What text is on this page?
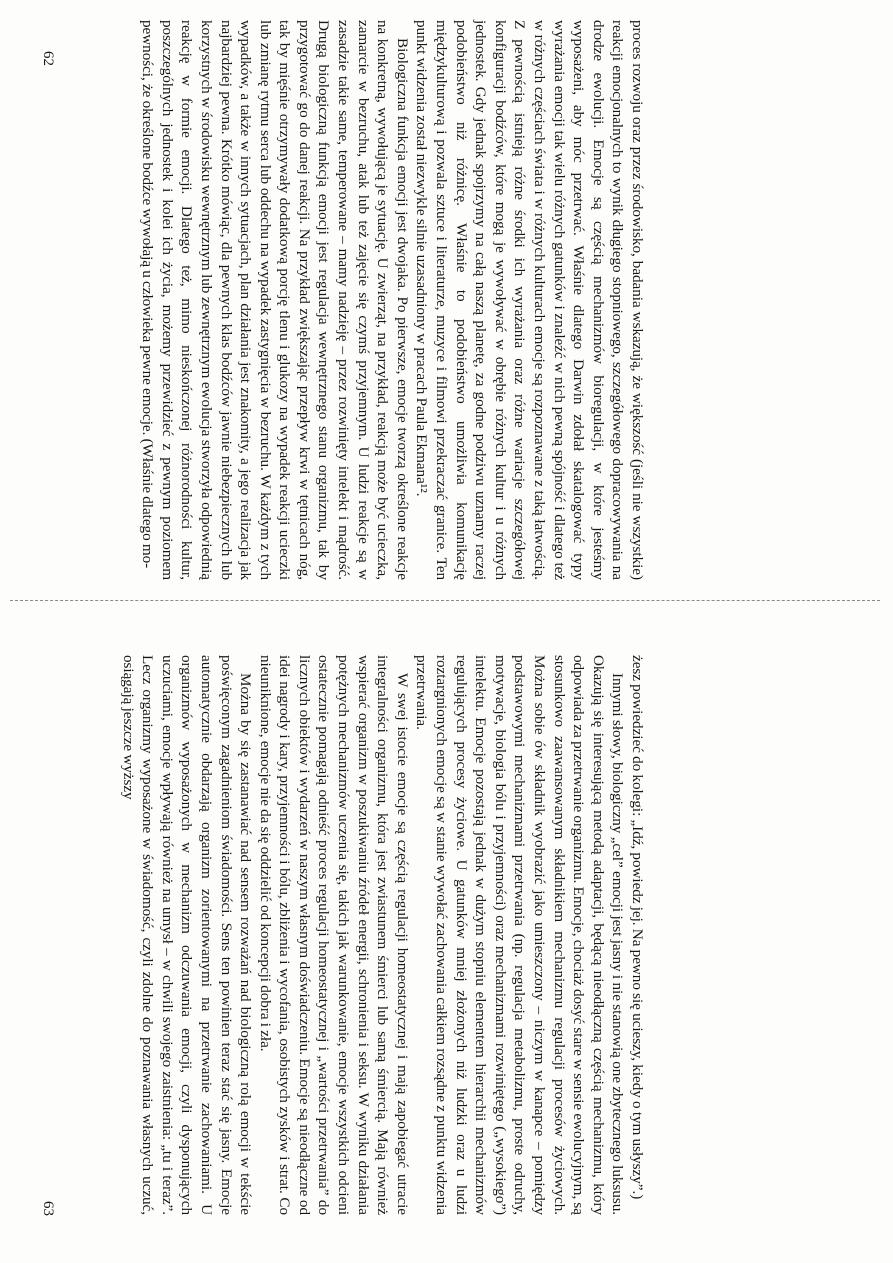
proces rozwoju oraz przez środowisko, badania wskazują, że większość (jeśli nie wszystkie) reakcji emocjonalnych to wynik długiego stopniowego, szczegółowego dopracowywania na drodze ewolucji. Emocje są częścią mechanizmów bioregulacji, w które jesteśmy wyposażeni, aby móc przetrwać. Właśnie dlatego Darwin zdołał skatalogować typy wyrażania emocji tak wielu różnych gatunków i znaleźć w nich pewną spójność i dlatego też w różnych częściach świata i w różnych kulturach emocje są rozpoznawane z taką łatwością. Z pewnością istnieją różne środki ich wyrażania oraz różne wariacje szczegółowej konfiguracji bodźców, które mogą je wywoływać w obrębie różnych kultur i u różnych jednostek. Gdy jednak spojrzymy na całą naszą planetę, za godne podziwu uznamy raczej podobieństwo niż różnicę. Właśnie to podobieństwo umożliwia komunikację międzykulturową i pozwala sztuce i literaturze, muzyce i filmowi przekraczać granice. Ten punkt widzenia został niezwykle silnie uzasadniony w pracach Paula Ekmana¹².

Biologiczna funkcja emocji jest dwojaka. Po pierwsze, emocje tworzą określone reakcje na konkretną, wywołującą je sytuację. U zwierząt, na przykład, reakcją może być ucieczka, zamarcie w bezruchu, atak lub też zajęcie się czymś przyjemnym. U ludzi reakcje są w zasadzie takie same, temperowane – mamy nadzieję – przez rozwinięty intelekt i mądrość. Drugą biologiczną funkcją emocji jest regulacja wewnętrznego stanu organizmu, tak by przygotować go do danej reakcji. Na przykład zwiększając przepływ krwi w tętnicach nóg, tak by mięśnie otrzymywały dodatkową porcję tlenu i glukozy na wypadek reakcji ucieczki lub zmianę rytmu serca lub oddechu na wypadek zastygnięcia w bezruchu. W każdym z tych wypadków, a także w innych sytuacjach, plan działania jest znakomity, a jego realizacja jak najbardziej pewna. Krótko mówiąc, dla pewnych klas bodźców jawnie niebezpiecznych lub korzystnych w środowisku wewnętrznym lub zewnętrznym ewolucja stworzyła odpowiednią reakcję w formie emocji. Dlatego też, mimo nieskończonej różnorodności kultur, poszczególnych jednostek i kolei ich życia, możemy przewidzieć z pewnym poziomem pewności, że określone bodźce wywołają u człowieka pewne emocje. (Właśnie dlatego mo-

żesz powiedzieć do kolegi: „Idź, powiedz jej. Na pewno się ucieszy, kiedy o tym usłyszy”.)

Innymi słowy, biologiczny „cel” emocji jest jasny i nie stanowią one zbytecznego luksusu. Okazują się interesującą metodą adaptacji, będącą nieodłączną częścią mechanizmu, który odpowiada za przetrwanie organizmu. Emocje, chociaż dosyć stare w sensie ewolucyjnym, są stosunkowo zaawansowanym składnikiem mechanizmu regulacji procesów życiowych. Można sobie ów składnik wyobrazić jako umieszczony – niczym w kanapce – pomiędzy podstawowymi mechanizmami przetrwania (np. regulacja metabolizmu, proste odruchy, motywacje, biologia bólu i przyjemności) oraz mechanizmami rozwiniętego („wysokiego”) intelektu. Emocje pozostają jednak w dużym stopniu elementem hierarchii mechanizmów regulujących procesy życiowe. U gatunków mniej złożonych niż ludzki oraz u ludzi roztargnionych emocje są w stanie wywołać zachowania całkiem rozsądne z punktu widzenia przetrwania.

W swej istocie emocje są częścią regulacji homeostatycznej i mają zapobiegać utracie integralności organizmu, która jest zwiastunem śmierci lub samą śmiercią. Mają również wspierać organizm w poszukiwaniu źródeł energii, schronienia i seksu. W wyniku działania potężnych mechanizmów uczenia się, takich jak warunkowanie, emocje wszystkich odcieni ostatecznie pomagają odnieść proces regulacji homeostatycznej i „wartości przetrwania” do licznych obiektów i wydarzeń w naszym własnym doświadczeniu. Emocje są nieodłączne od idei nagrody i kary, przyjemności i bólu, zbliżenia i wycofania, osobistych zysków i strat. Co nieuniknione, emocje nie da się oddzielić od koncepcji dobra i zła.

Można by się zastanawiać nad sensem rozważań nad biologiczną rolą emocji w tekście poświęconym zagadnieniom świadomości. Sens ten powinien teraz stać się jasny. Emocje automatycznie obdarzają organizm zorientowanymi na przetrwanie zachowaniami. U organizmów wyposażonych w mechanizm odczuwania emocji, czyli dysponujących uczuciami, emocje wpływają również na umysł – w chwili swojego zaistnienia: „tu i teraz”. Lecz organizmy wyposażone w świadomość, czyli zdolne do poznawania własnych uczuć, osiągają jeszcze wyższy

62
63
